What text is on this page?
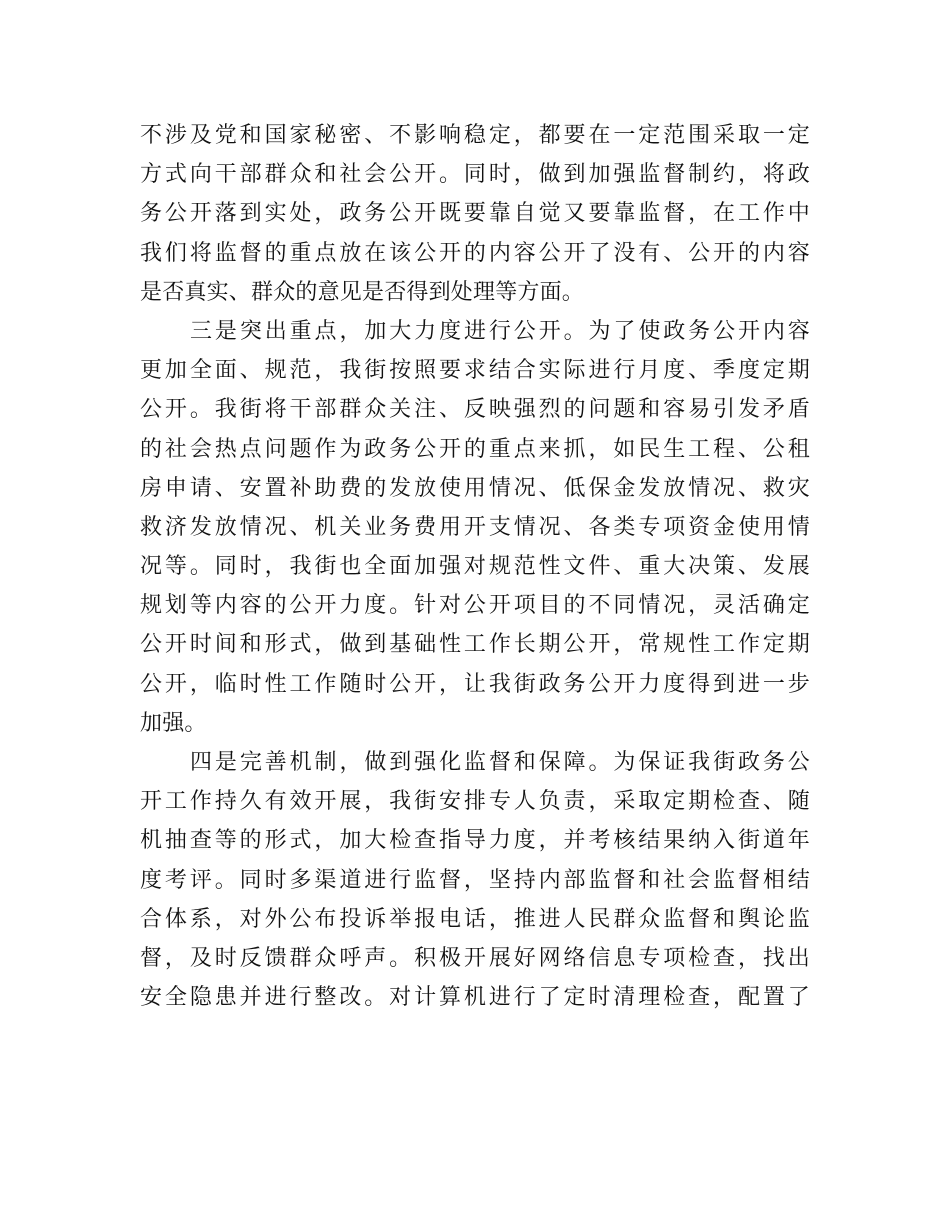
不涉及党和国家秘密、不影响稳定，都要在一定范围采取一定
方式向干部群众和社会公开。同时，做到加强监督制约，将政
务公开落到实处，政务公开既要靠自觉又要靠监督，在工作中
我们将监督的重点放在该公开的内容公开了没有、公开的内容
是否真实、群众的意见是否得到处理等方面。
三是突出重点，加大力度进行公开。为了使政务公开内容
更加全面、规范，我街按照要求结合实际进行月度、季度定期
公开。我街将干部群众关注、反映强烈的问题和容易引发矛盾
的社会热点问题作为政务公开的重点来抓，如民生工程、公租
房申请、安置补助费的发放使用情况、低保金发放情况、救灾
救济发放情况、机关业务费用开支情况、各类专项资金使用情
况等。同时，我街也全面加强对规范性文件、重大决策、发展
规划等内容的公开力度。针对公开项目的不同情况，灵活确定
公开时间和形式，做到基础性工作长期公开，常规性工作定期
公开，临时性工作随时公开，让我街政务公开力度得到进一步
加强。
四是完善机制，做到强化监督和保障。为保证我街政务公
开工作持久有效开展，我街安排专人负责，采取定期检查、随
机抽查等的形式，加大检查指导力度，并考核结果纳入街道年
度考评。同时多渠道进行监督，坚持内部监督和社会监督相结
合体系，对外公布投诉举报电话，推进人民群众监督和舆论监
督，及时反馈群众呼声。积极开展好网络信息专项检查，找出
安全隐患并进行整改。对计算机进行了定时清理检查，配置了
